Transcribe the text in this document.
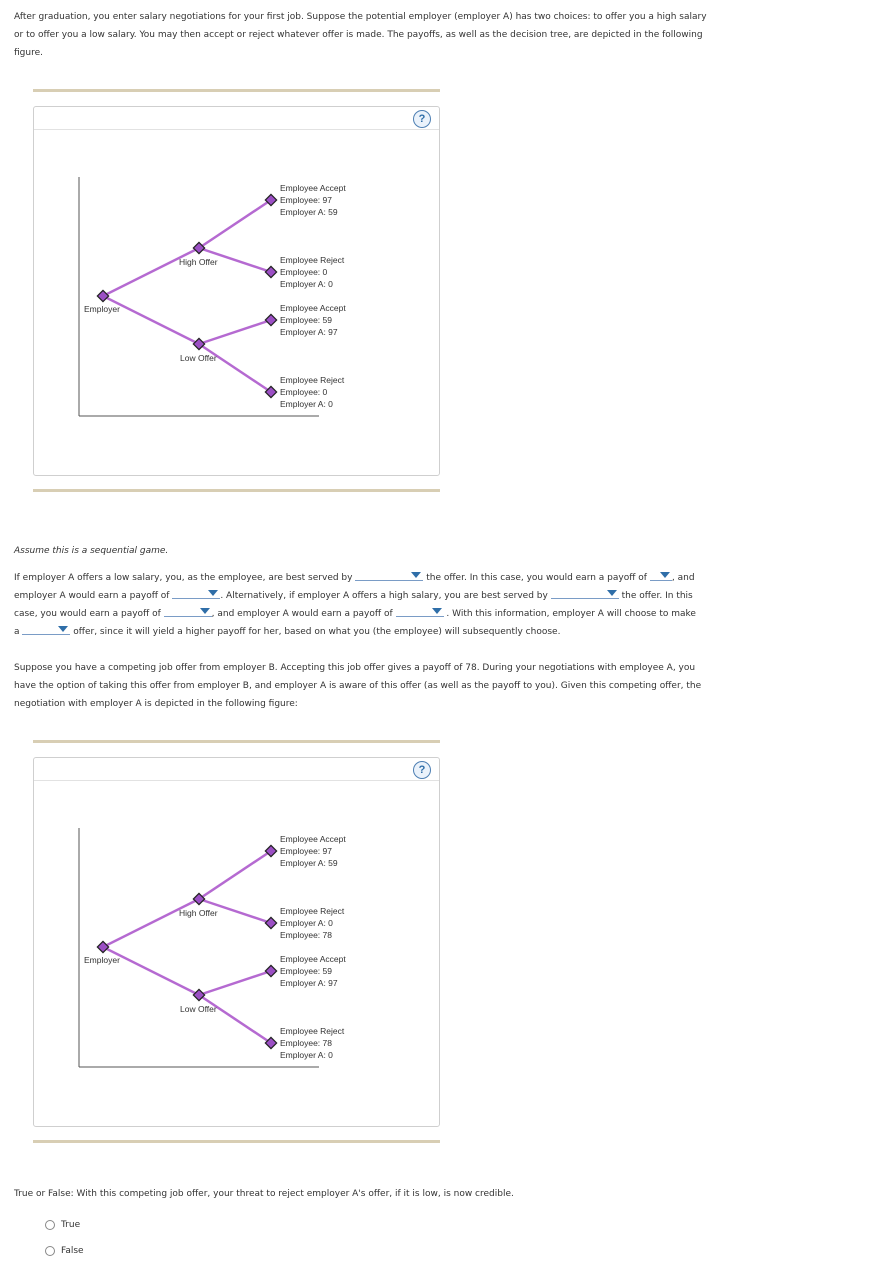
After graduation, you enter salary negotiations for your first job. Suppose the potential employer (employer A) has two choices: to offer you a high salary or to offer you a low salary. You may then accept or reject whatever offer is made. The payoffs, as well as the decision tree, are depicted in the following figure.

?
Employer
High Offer
Low Offer
Employee Accept
Employee: 97
Employer A: 59
Employee Reject
Employee: 0
Employer A: 0
Employee Accept
Employee: 59
Employer A: 97
Employee Reject
Employee: 0
Employer A: 0

Assume this is a sequential game.

If employer A offers a low salary, you, as the employee, are best served by	the offer. In this case, you would earn a payoff of	, and employer A would earn a payoff of	. Alternatively, if employer A offers a high salary, you are best served by	the offer. In this case, you would earn a payoff of	, and employer A would earn a payoff of	. With this information, employer A will choose to make a	offer, since it will yield a higher payoff for her, based on what you (the employee) will subsequently choose.

Suppose you have a competing job offer from employer B. Accepting this job offer gives a payoff of 78. During your negotiations with employee A, you have the option of taking this offer from employer B, and employer A is aware of this offer (as well as the payoff to you). Given this competing offer, the negotiation with employer A is depicted in the following figure:

?
Employer
High Offer
Low Offer
Employee Accept
Employee: 97
Employer A: 59
Employee Reject
Employer A: 0
Employee: 78
Employee Accept
Employee: 59
Employer A: 97
Employee Reject
Employee: 78
Employer A: 0

True or False: With this competing job offer, your threat to reject employer A's offer, if it is low, is now credible.

True
False
